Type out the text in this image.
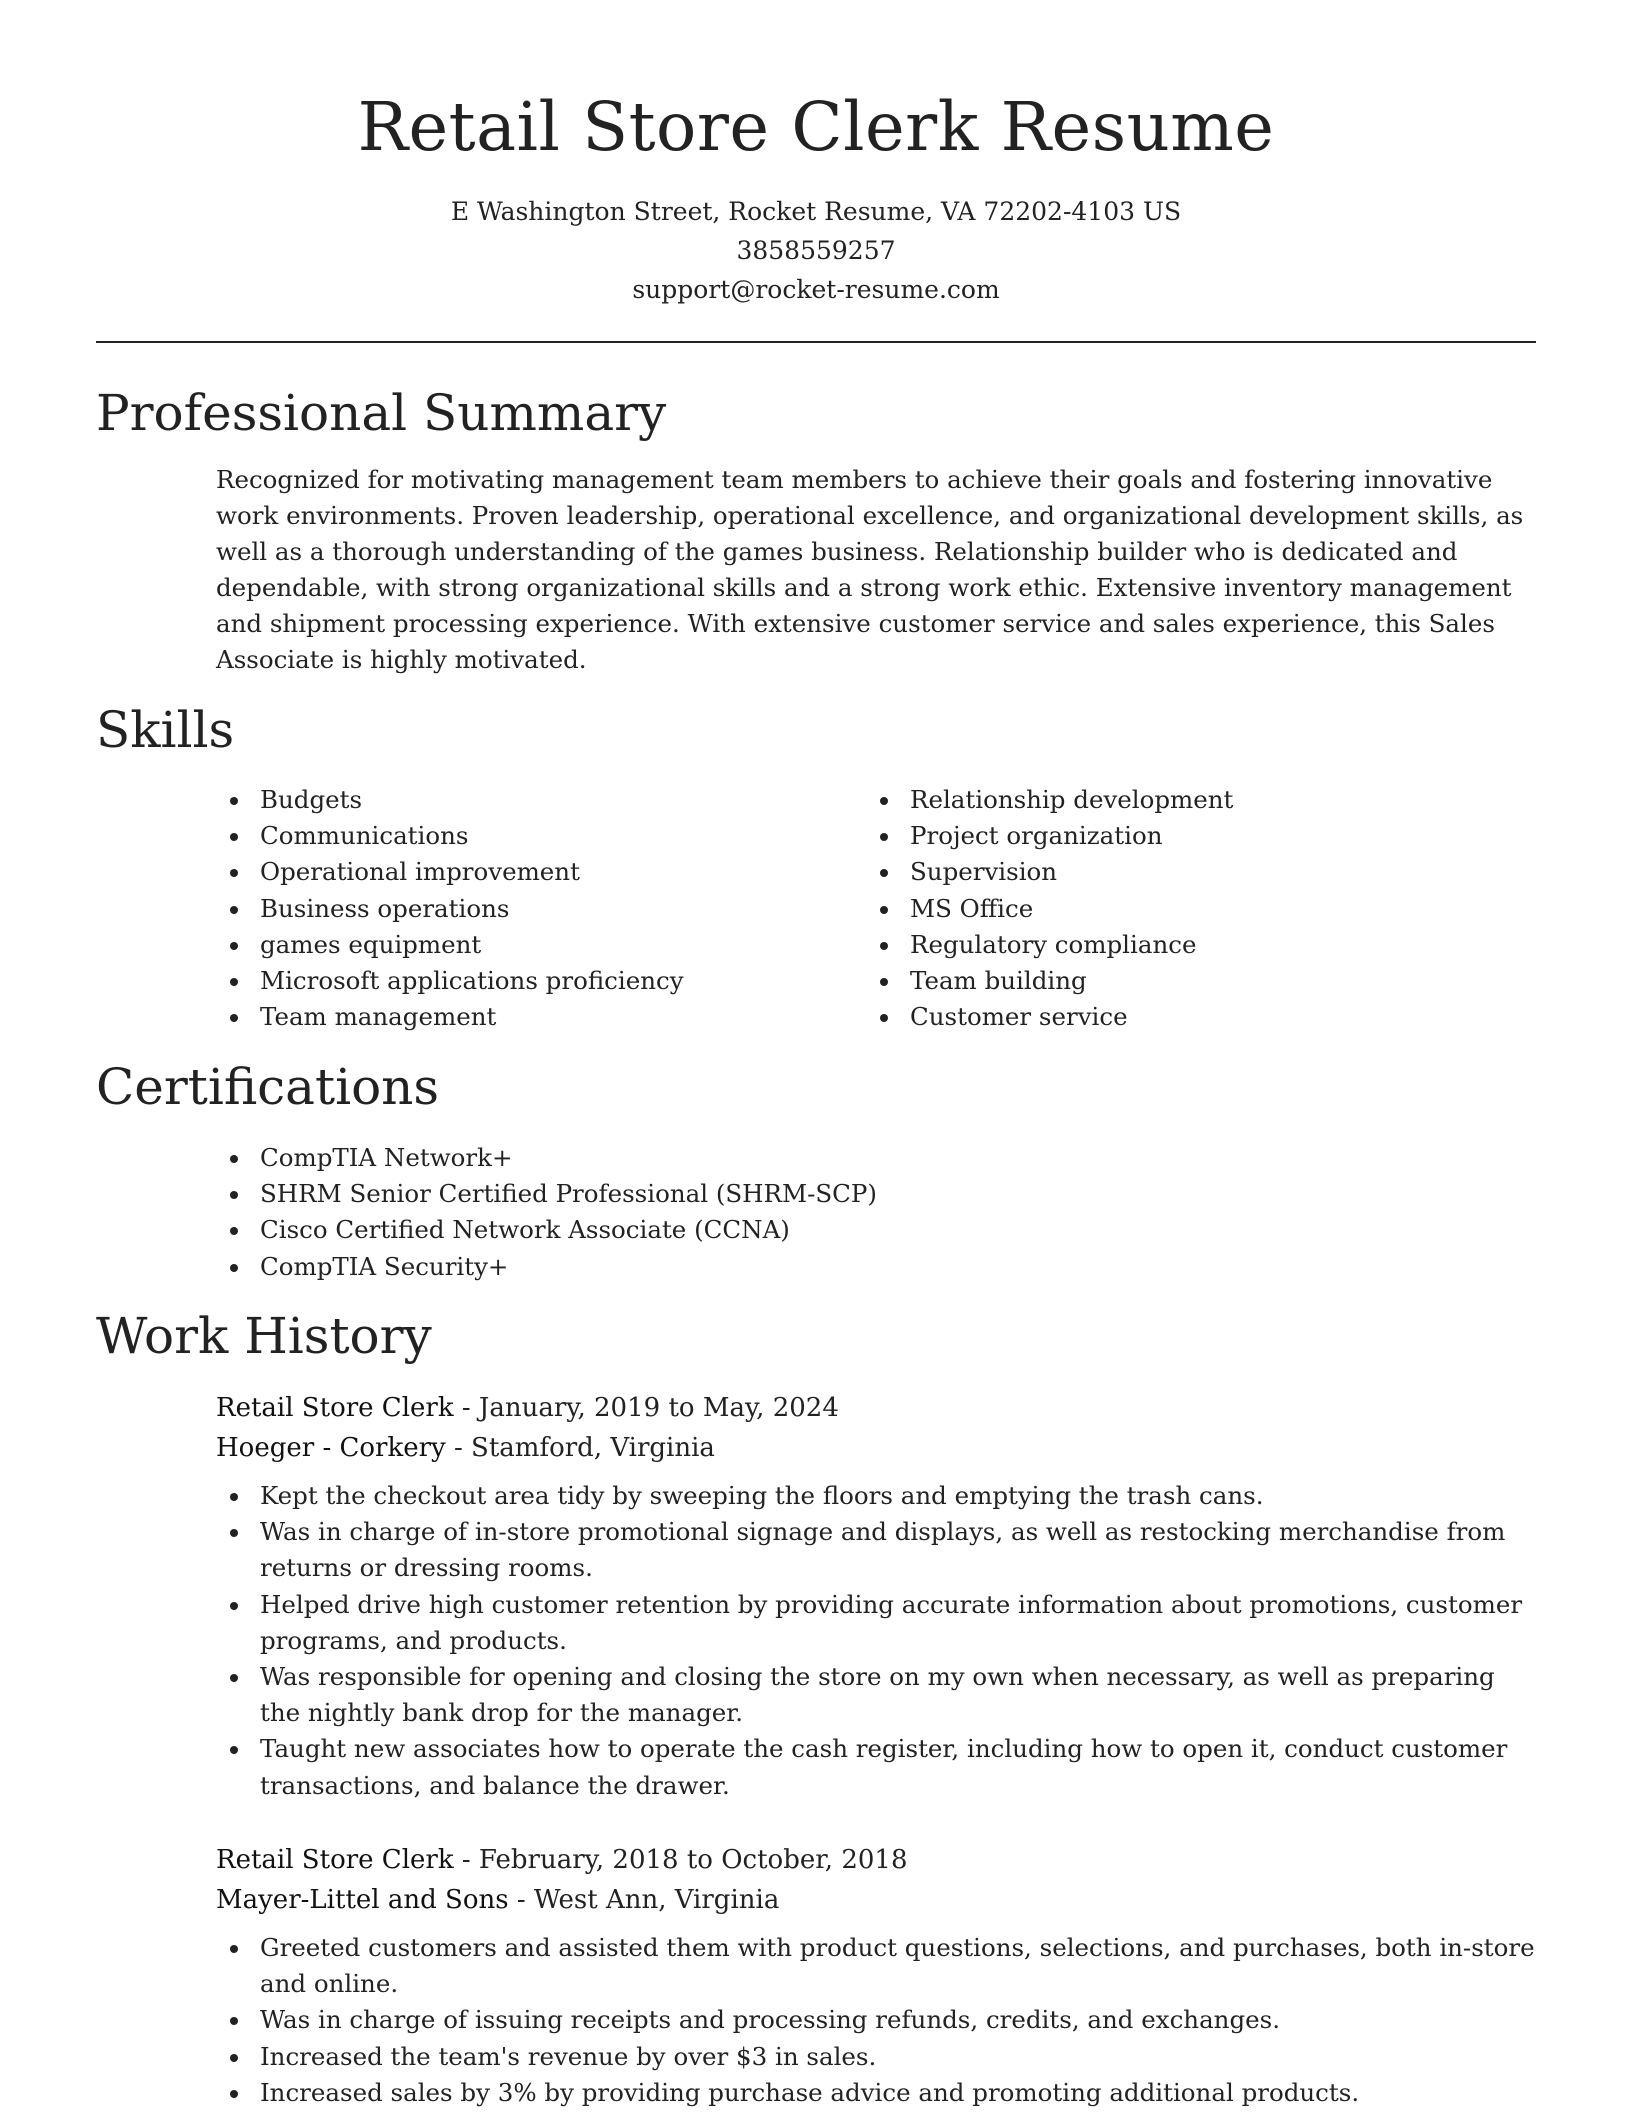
Retail Store Clerk Resume
E Washington Street, Rocket Resume, VA 72202-4103 US
3858559257
support@rocket-resume.com
Professional Summary
Recognized for motivating management team members to achieve their goals and fostering innovative work environments. Proven leadership, operational excellence, and organizational development skills, as well as a thorough understanding of the games business. Relationship builder who is dedicated and dependable, with strong organizational skills and a strong work ethic. Extensive inventory management and shipment processing experience. With extensive customer service and sales experience, this Sales Associate is highly motivated.
Skills
Budgets
Communications
Operational improvement
Business operations
games equipment
Microsoft applications proficiency
Team management
Relationship development
Project organization
Supervision
MS Office
Regulatory compliance
Team building
Customer service
Certifications
CompTIA Network+
SHRM Senior Certified Professional (SHRM-SCP)
Cisco Certified Network Associate (CCNA)
CompTIA Security+
Work History
Retail Store Clerk - January, 2019 to May, 2024
Hoeger - Corkery - Stamford, Virginia
Kept the checkout area tidy by sweeping the floors and emptying the trash cans.
Was in charge of in-store promotional signage and displays, as well as restocking merchandise from returns or dressing rooms.
Helped drive high customer retention by providing accurate information about promotions, customer programs, and products.
Was responsible for opening and closing the store on my own when necessary, as well as preparing the nightly bank drop for the manager.
Taught new associates how to operate the cash register, including how to open it, conduct customer transactions, and balance the drawer.
Retail Store Clerk - February, 2018 to October, 2018
Mayer-Littel and Sons - West Ann, Virginia
Greeted customers and assisted them with product questions, selections, and purchases, both in-store and online.
Was in charge of issuing receipts and processing refunds, credits, and exchanges.
Increased the team's revenue by over $3 in sales.
Increased sales by 3% by providing purchase advice and promoting additional products.
